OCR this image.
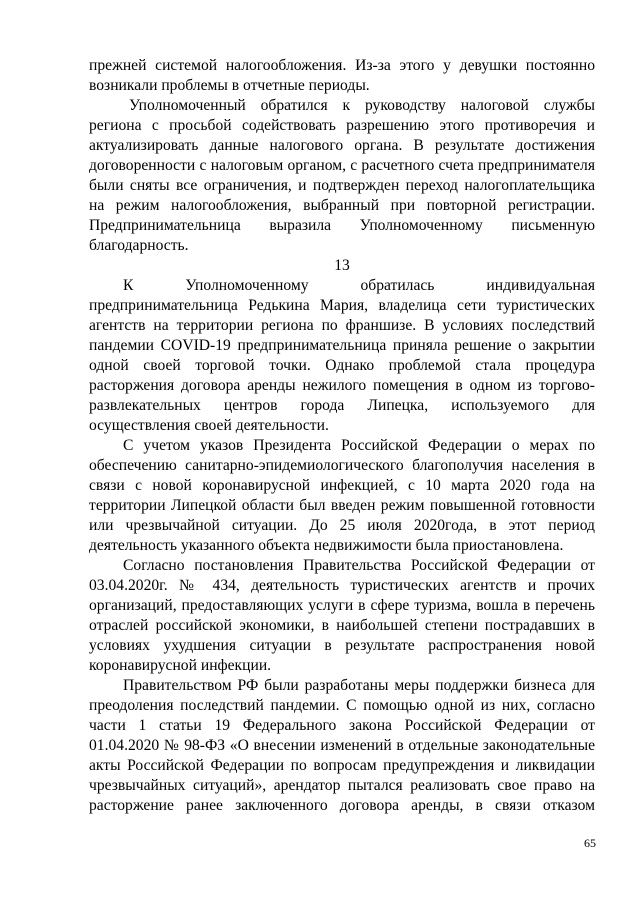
прежней системой налогообложения. Из-за этого у девушки постоянно возникали проблемы в отчетные периоды.

Уполномоченный обратился к руководству налоговой службы региона с просьбой содействовать разрешению этого противоречия и актуализировать данные налогового органа. В результате достижения договоренности с налоговым органом, с расчетного счета предпринимателя были сняты все ограничения, и подтвержден переход налогоплательщика на режим налогообложения, выбранный при повторной регистрации. Предпринимательница выразила Уполномоченному письменную благодарность.

13

К Уполномоченному обратилась индивидуальная предпринимательница Редькина Мария, владелица сети туристических агентств на территории региона по франшизе. В условиях последствий пандемии COVID-19 предпринимательница приняла решение о закрытии одной своей торговой точки. Однако проблемой стала процедура расторжения договора аренды нежилого помещения в одном из торгово-развлекательных центров города Липецка, используемого для осуществления своей деятельности.

С учетом указов Президента Российской Федерации о мерах по обеспечению санитарно-эпидемиологического благополучия населения в связи с новой коронавирусной инфекцией, с 10 марта 2020 года на территории Липецкой области был введен режим повышенной готовности или чрезвычайной ситуации. До 25 июля 2020года, в этот период деятельность указанного объекта недвижимости была приостановлена.

Согласно постановления Правительства Российской Федерации от 03.04.2020г. № 434, деятельность туристических агентств и прочих организаций, предоставляющих услуги в сфере туризма, вошла в перечень отраслей российской экономики, в наибольшей степени пострадавших в условиях ухудшения ситуации в результате распространения новой коронавирусной инфекции.

Правительством РФ были разработаны меры поддержки бизнеса для преодоления последствий пандемии. С помощью одной из них, согласно части 1 статьи 19 Федерального закона Российской Федерации от 01.04.2020 № 98-ФЗ «О внесении изменений в отдельные законодательные акты Российской Федерации по вопросам предупреждения и ликвидации чрезвычайных ситуаций», арендатор пытался реализовать свое право на расторжение ранее заключенного договора аренды, в связи отказом

65
